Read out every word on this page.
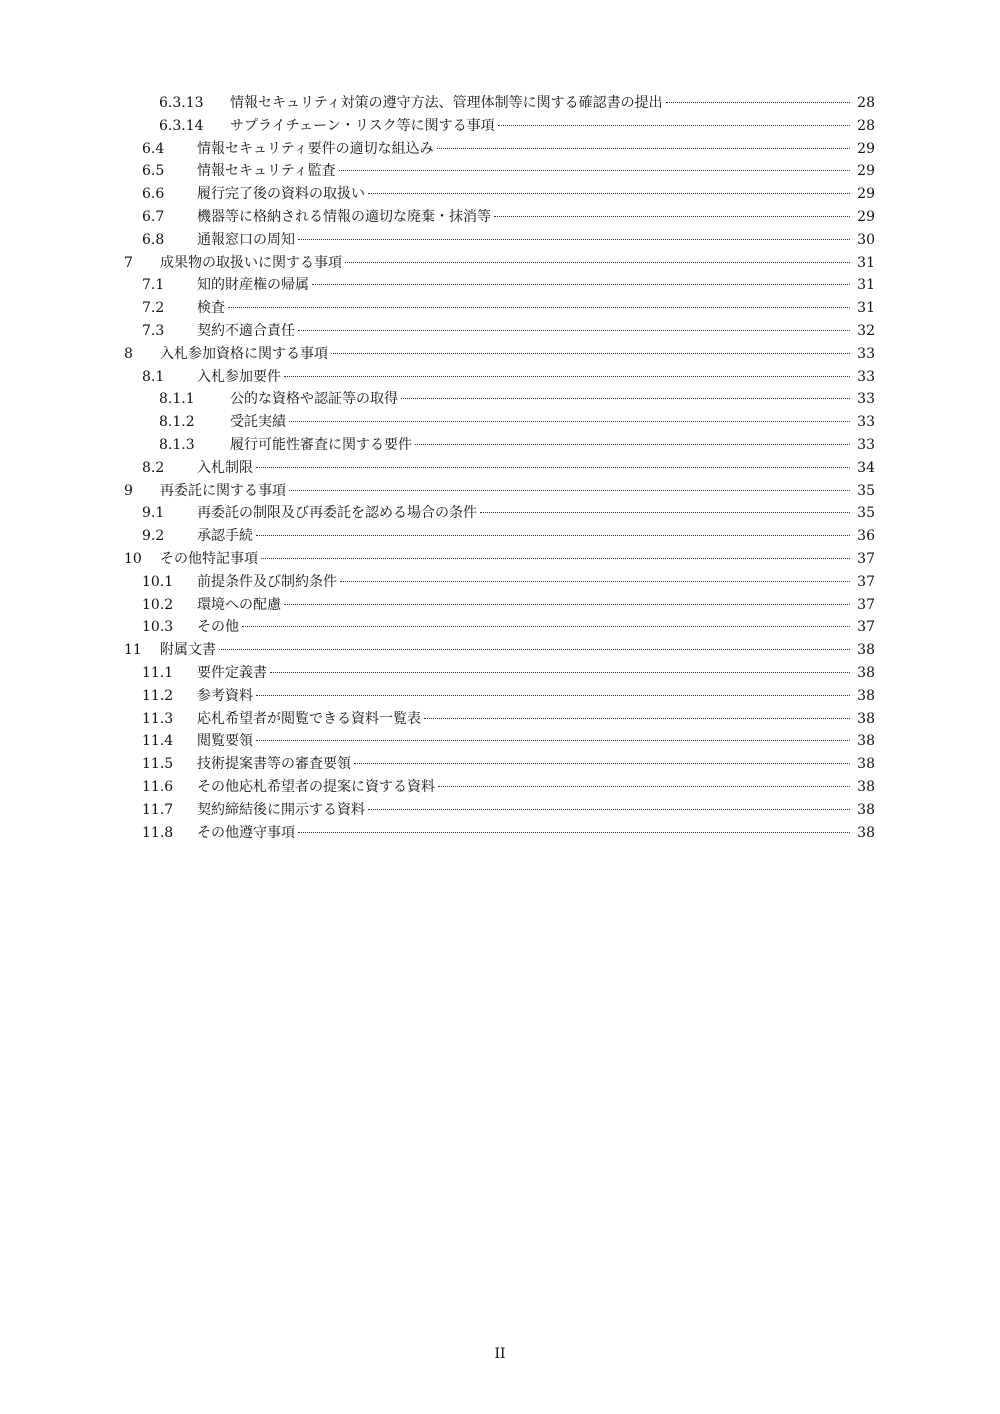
6.3.13	情報セキュリティ対策の遵守方法、管理体制等に関する確認書の提出	28
6.3.14	サプライチェーン・リスク等に関する事項	28
6.4	情報セキュリティ要件の適切な組込み	29
6.5	情報セキュリティ監査	29
6.6	履行完了後の資料の取扱い	29
6.7	機器等に格納される情報の適切な廃棄・抹消等	29
6.8	通報窓口の周知	30
7	成果物の取扱いに関する事項	31
7.1	知的財産権の帰属	31
7.2	検査	31
7.3	契約不適合責任	32
8	入札参加資格に関する事項	33
8.1	入札参加要件	33
8.1.1	公的な資格や認証等の取得	33
8.1.2	受託実績	33
8.1.3	履行可能性審査に関する要件	33
8.2	入札制限	34
9	再委託に関する事項	35
9.1	再委託の制限及び再委託を認める場合の条件	35
9.2	承認手続	36
10	その他特記事項	37
10.1	前提条件及び制約条件	37
10.2	環境への配慮	37
10.3	その他	37
11	附属文書	38
11.1	要件定義書	38
11.2	参考資料	38
11.3	応札希望者が閲覧できる資料一覧表	38
11.4	閲覧要領	38
11.5	技術提案書等の審査要領	38
11.6	その他応札希望者の提案に資する資料	38
11.7	契約締結後に開示する資料	38
11.8	その他遵守事項	38
II
